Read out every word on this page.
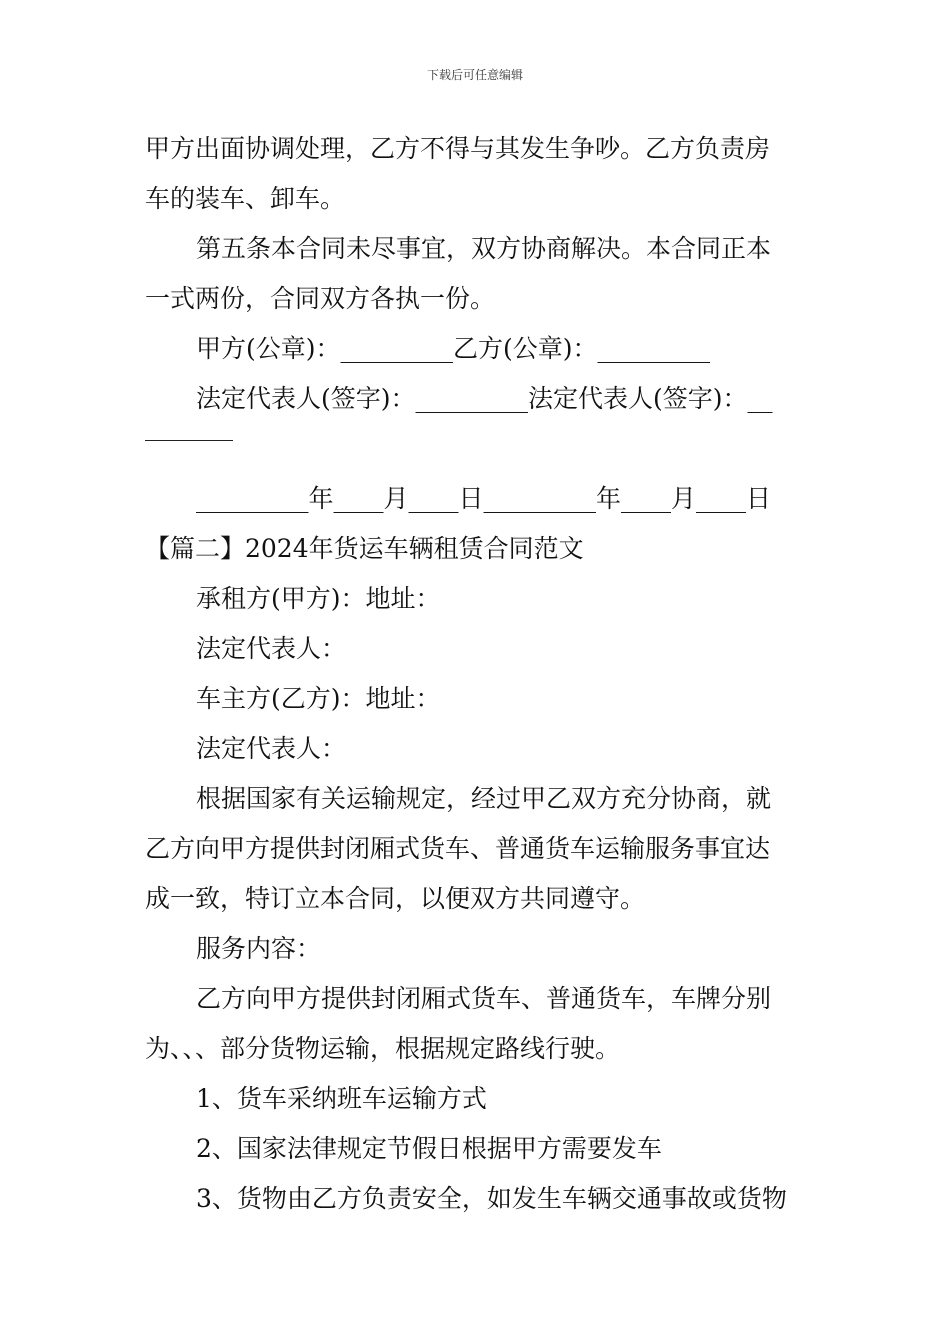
下载后可任意编辑
甲方出面协调处理，乙方不得与其发生争吵。乙方负责房
车的装车、卸车。
第五条本合同未尽事宜，双方协商解决。本合同正本
一式两份，合同双方各执一份。
甲方(公章)：_________乙方(公章)：_________
法定代表人(签字)：_________法定代表人(签字)：__
_________年____月____日_________年____月____日
【篇二】2024年货运车辆租赁合同范文
承租方(甲方)：地址：
法定代表人：
车主方(乙方)：地址：
法定代表人：
根据国家有关运输规定，经过甲乙双方充分协商，就
乙方向甲方提供封闭厢式货车、普通货车运输服务事宜达
成一致，特订立本合同，以便双方共同遵守。
服务内容：
乙方向甲方提供封闭厢式货车、普通货车，车牌分别
为、、、部分货物运输，根据规定路线行驶。
1、货车采纳班车运输方式
2、国家法律规定节假日根据甲方需要发车
3、货物由乙方负责安全，如发生车辆交通事故或货物
